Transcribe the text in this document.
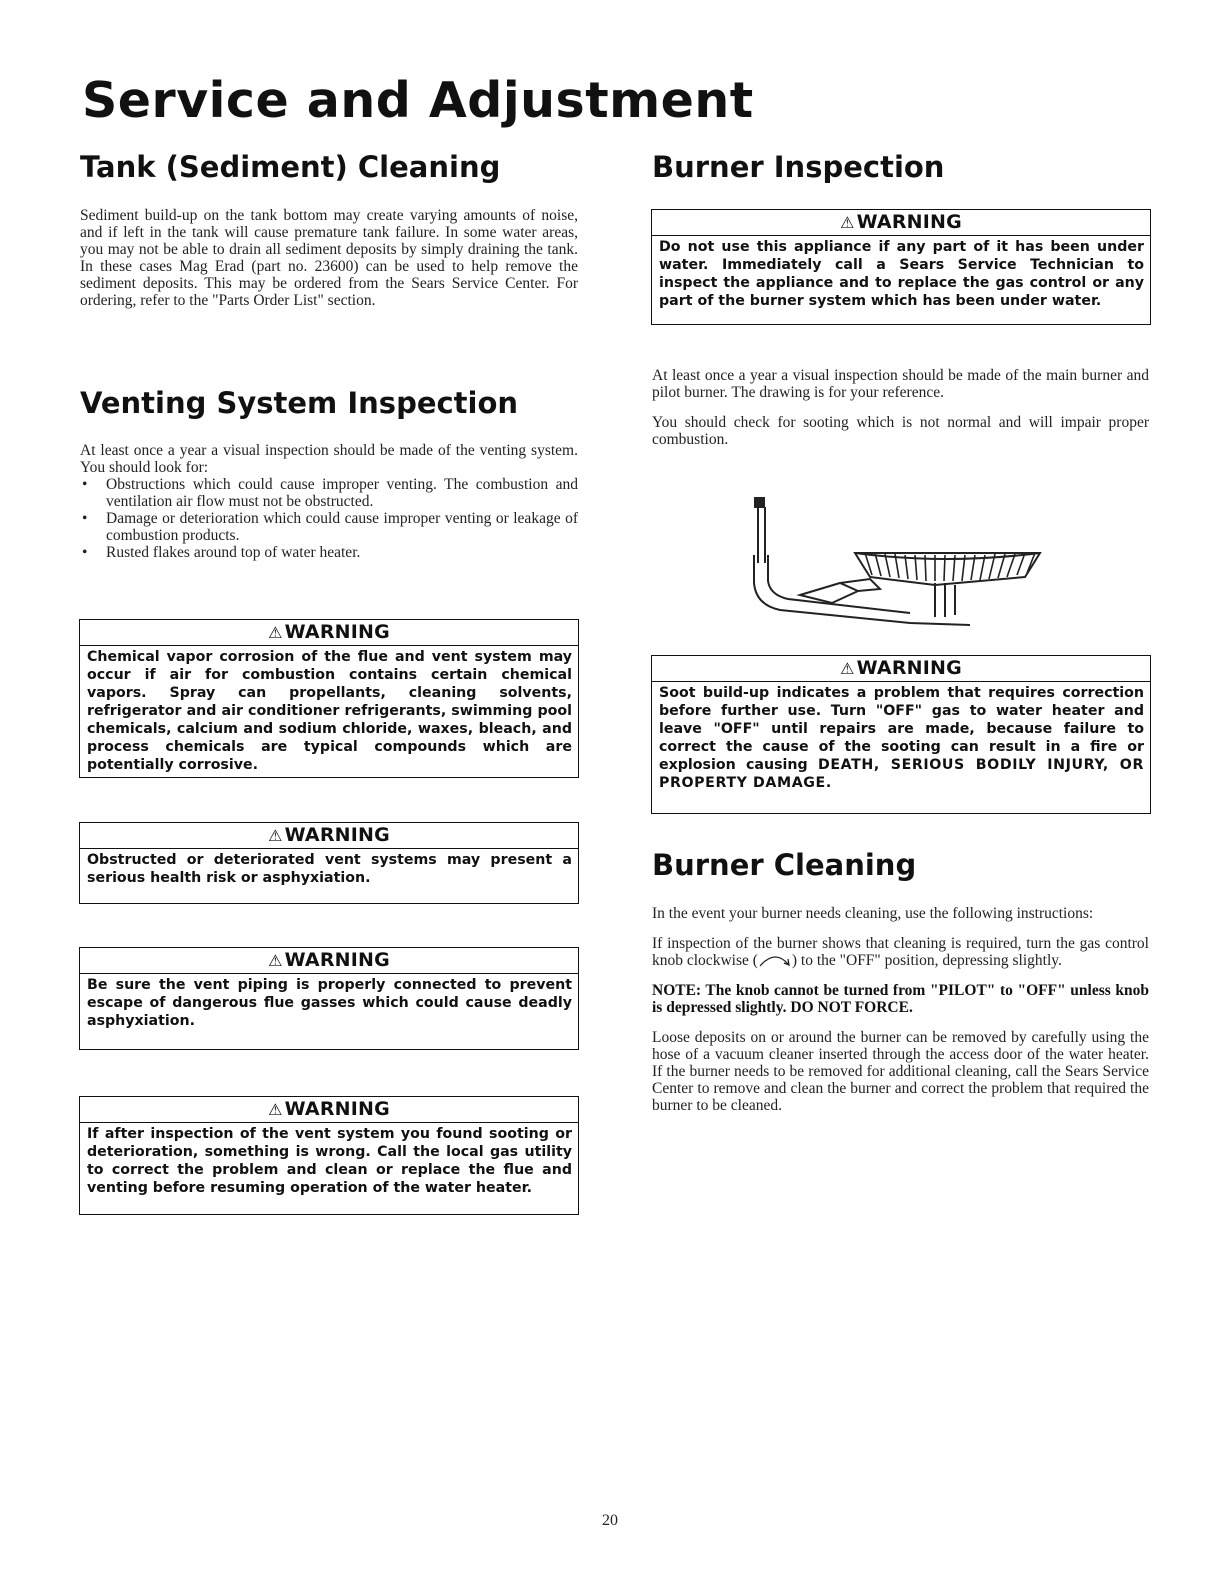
Service and Adjustment
Tank (Sediment) Cleaning

Sediment build-up on the tank bottom may create varying amounts of noise, and if left in the tank will cause premature tank failure. In some water areas, you may not be able to drain all sediment deposits by simply draining the tank. In these cases Mag Erad (part no. 23600) can be used to help remove the sediment deposits. This may be ordered from the Sears Service Center. For ordering, refer to the "Parts Order List" section.

Venting System Inspection
At least once a year a visual inspection should be made of the venting system. You should look for:
• Obstructions which could cause improper venting. The combustion and ventilation air flow must not be obstructed.
• Damage or deterioration which could cause improper venting or leakage of combustion products.
• Rusted flakes around top of water heater.
⚠ WARNING
Chemical vapor corrosion of the flue and vent system may occur if air for combustion contains certain chemical vapors. Spray can propellants, cleaning solvents, refrigerator and air conditioner refrigerants, swimming pool chemicals, calcium and sodium chloride, waxes, bleach, and process chemicals are typical compounds which are potentially corrosive.
⚠ WARNING
Obstructed or deteriorated vent systems may present a serious health risk or asphyxiation.
⚠ WARNING
Be sure the vent piping is properly connected to prevent escape of dangerous flue gasses which could cause deadly asphyxiation.
⚠ WARNING
If after inspection of the vent system you found sooting or deterioration, something is wrong. Call the local gas utility to correct the problem and clean or replace the flue and venting before resuming operation of the water heater.
Burner Inspection
⚠ WARNING
Do not use this appliance if any part of it has been under water. Immediately call a Sears Service Technician to inspect the appliance and to replace the gas control or any part of the burner system which has been under water.

At least once a year a visual inspection should be made of the main burner and pilot burner. The drawing is for your reference.

You should check for sooting which is not normal and will impair proper combustion.

⚠ WARNING
Soot build-up indicates a problem that requires correction before further use. Turn "OFF" gas to water heater and leave "OFF" until repairs are made, because failure to correct the cause of the sooting can result in a fire or explosion causing DEATH, SERIOUS BODILY INJURY, OR PROPERTY DAMAGE.
Burner Cleaning

In the event your burner needs cleaning, use the following instructions:

If inspection of the burner shows that cleaning is required, turn the gas control knob clockwise ( ) to the "OFF" position, depressing slightly.

NOTE: The knob cannot be turned from "PILOT" to "OFF" unless knob is depressed slightly. DO NOT FORCE.

Loose deposits on or around the burner can be removed by carefully using the hose of a vacuum cleaner inserted through the access door of the water heater. If the burner needs to be removed for additional cleaning, call the Sears Service Center to remove and clean the burner and correct the problem that required the burner to be cleaned.

20
